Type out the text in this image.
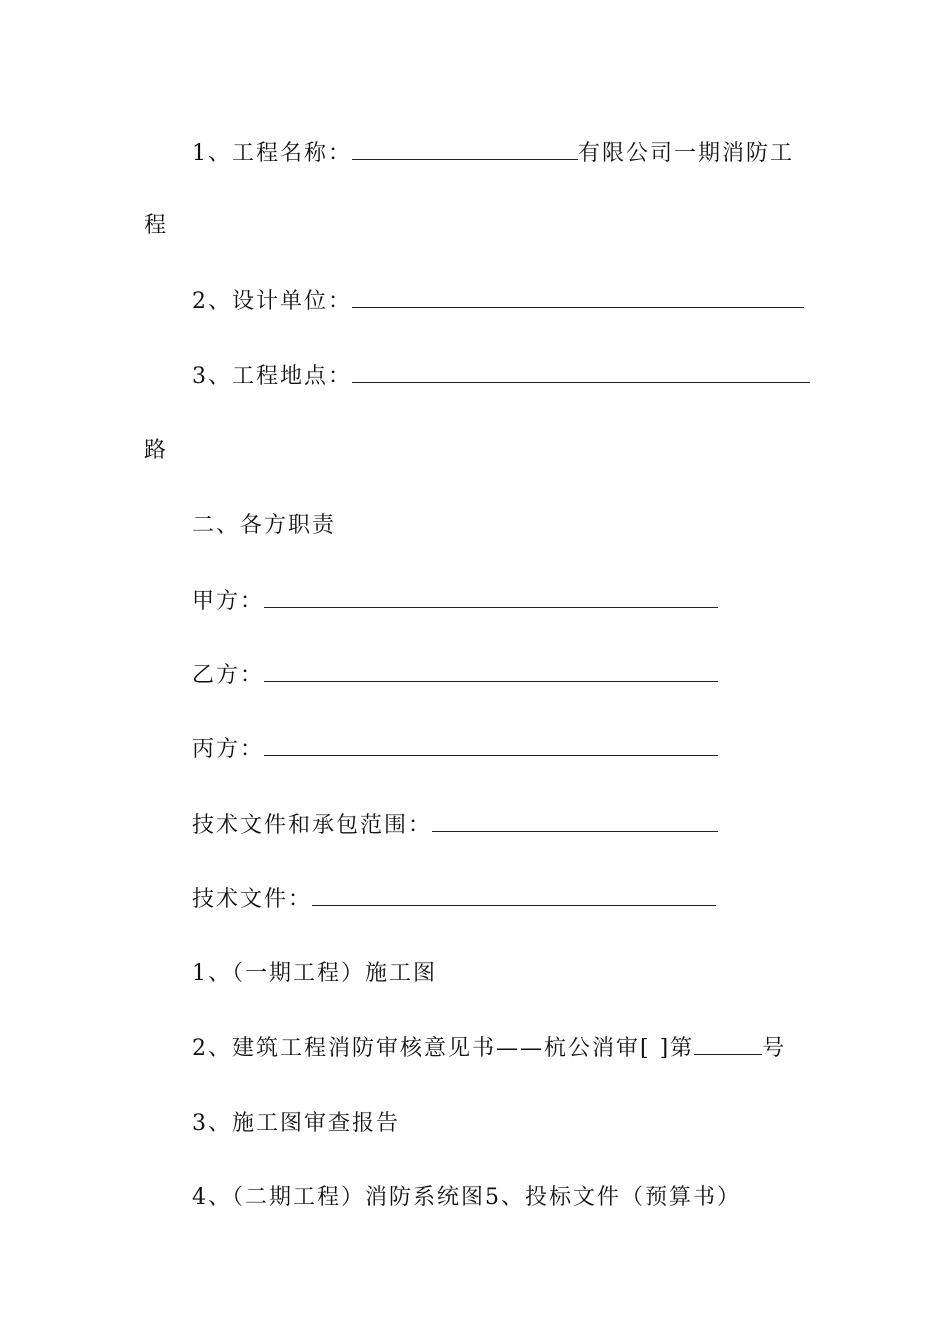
1、工程名称：	有限公司一期消防工
程
2、设计单位：
3、工程地点：
路
二、各方职责
甲方：
乙方：
丙方：
技术文件和承包范围：
技术文件：
1、（一期工程）施工图
2、建筑工程消防审核意见书——杭公消审[ ]第	号
3、施工图审查报告
4、（二期工程）消防系统图5、投标文件（预算书）
